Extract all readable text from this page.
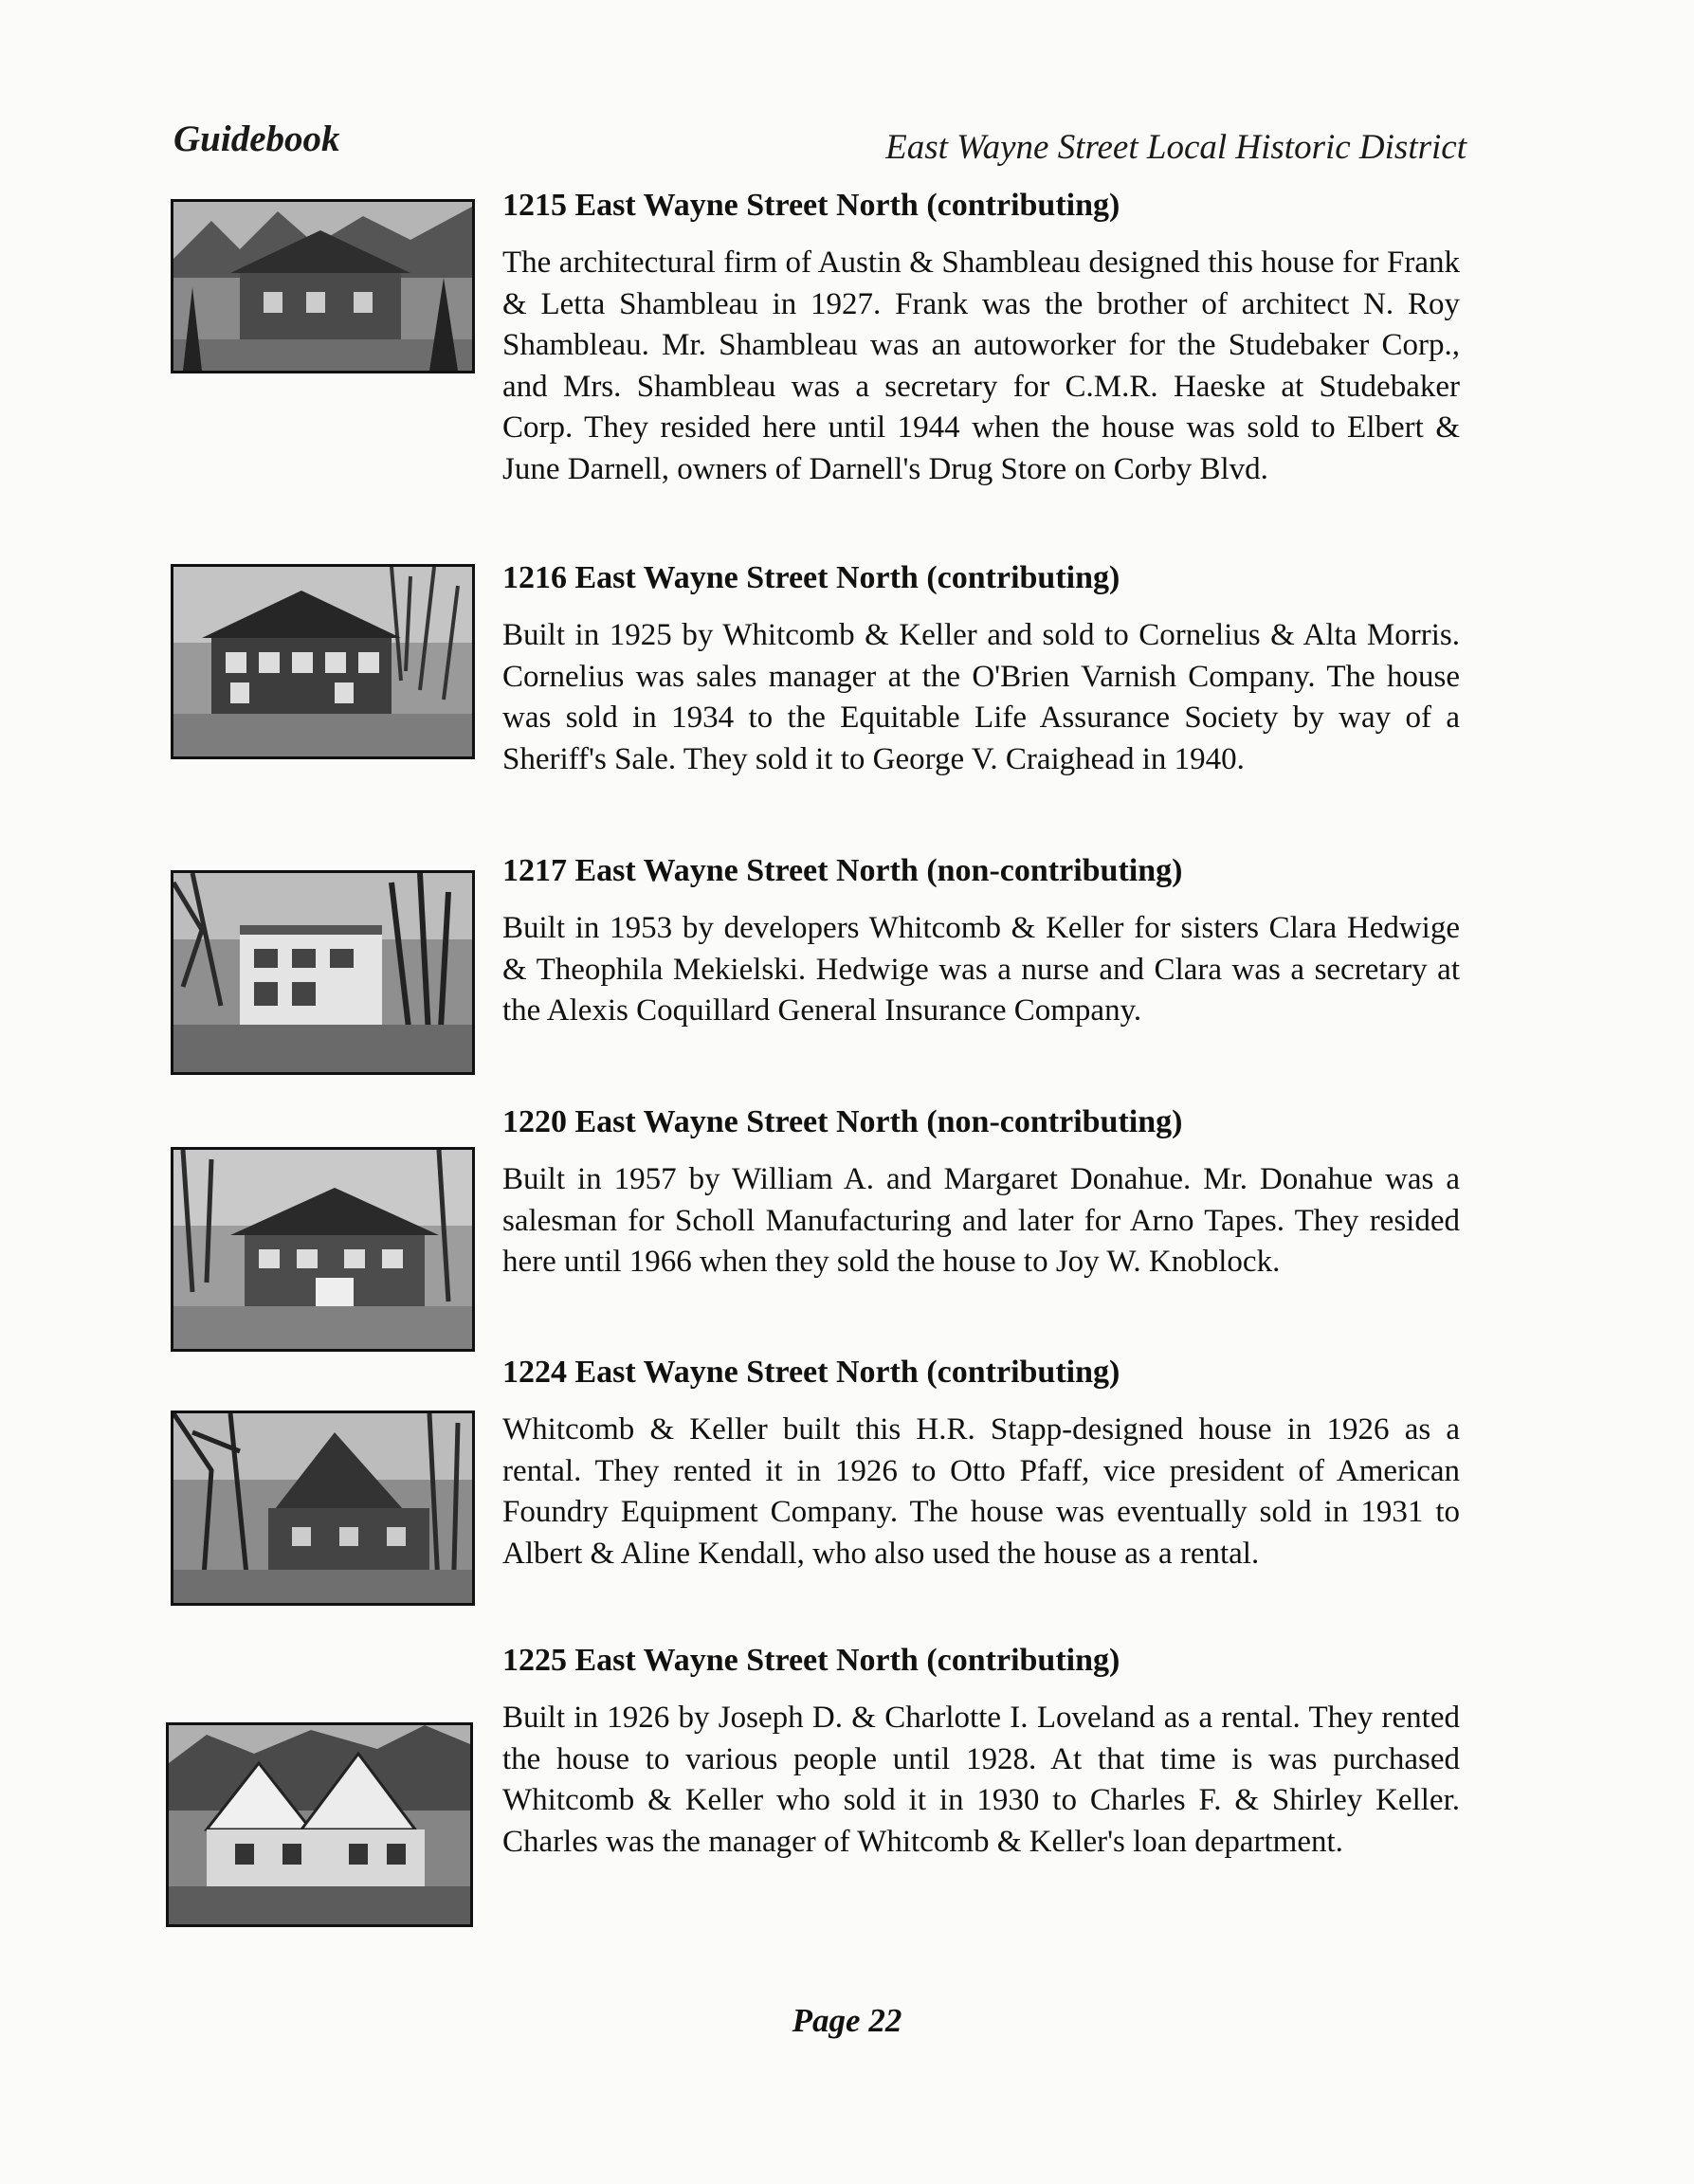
Guidebook	East Wayne Street Local Historic District
1215 East Wayne Street North (contributing)

The architectural firm of Austin & Shambleau designed this house for Frank & Letta Shambleau in 1927. Frank was the brother of architect N. Roy Shambleau. Mr. Shambleau was an autoworker for the Studebaker Corp., and Mrs. Shambleau was a secretary for C.M.R. Haeske at Studebaker Corp. They resided here until 1944 when the house was sold to Elbert & June Darnell, owners of Darnell's Drug Store on Corby Blvd.

1216 East Wayne Street North (contributing)

Built in 1925 by Whitcomb & Keller and sold to Cornelius & Alta Morris. Cornelius was sales manager at the O'Brien Varnish Company. The house was sold in 1934 to the Equitable Life Assurance Society by way of a Sheriff's Sale. They sold it to George V. Craighead in 1940.

1217 East Wayne Street North (non-contributing)

Built in 1953 by developers Whitcomb & Keller for sisters Clara Hedwige & Theophila Mekielski. Hedwige was a nurse and Clara was a secretary at the Alexis Coquillard General Insurance Company.

1220 East Wayne Street North (non-contributing)

Built in 1957 by William A. and Margaret Donahue. Mr. Donahue was a salesman for Scholl Manufacturing and later for Arno Tapes. They resided here until 1966 when they sold the house to Joy W. Knoblock.

1224 East Wayne Street North (contributing)

Whitcomb & Keller built this H.R. Stapp-designed house in 1926 as a rental. They rented it in 1926 to Otto Pfaff, vice president of American Foundry Equipment Company. The house was eventually sold in 1931 to Albert & Aline Kendall, who also used the house as a rental.

1225 East Wayne Street North (contributing)

Built in 1926 by Joseph D. & Charlotte I. Loveland as a rental. They rented the house to various people until 1928. At that time is was purchased Whitcomb & Keller who sold it in 1930 to Charles F. & Shirley Keller. Charles was the manager of Whitcomb & Keller's loan department.

Page 22
